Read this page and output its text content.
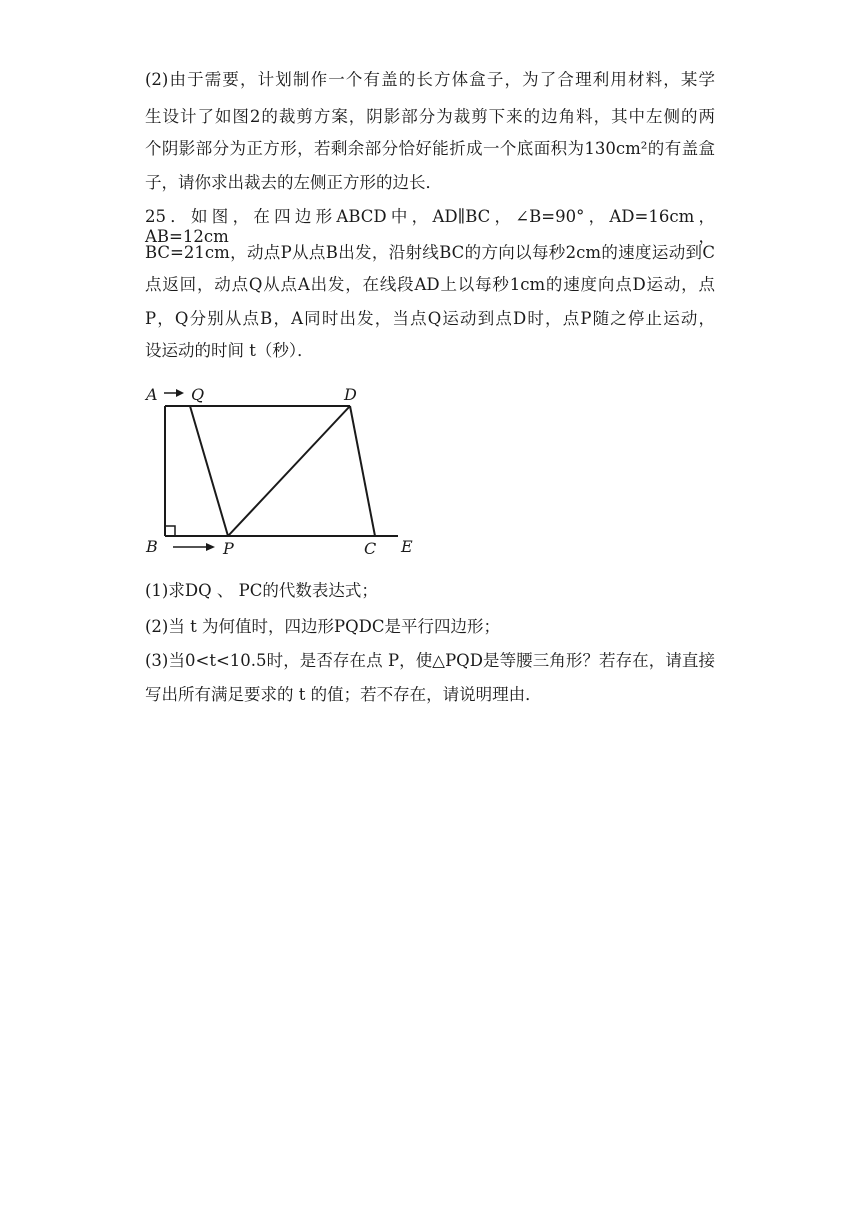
(2)由于需要，计划制作一个有盖的长方体盒子，为了合理利用材料，某学
生设计了如图2的裁剪方案，阴影部分为裁剪下来的边角料，其中左侧的两
个阴影部分为正方形，若剩余部分恰好能折成一个底面积为130cm²的有盖盒
子，请你求出裁去的左侧正方形的边长．
25．如图，在四边形ABCD中，AD∥BC，∠B=90°，AD=16cm，AB=12cm，
BC=21cm，动点P从点B出发，沿射线BC的方向以每秒2cm的速度运动到C
点返回，动点Q从点A出发，在线段AD上以每秒1cm的速度向点D运动，点
P，Q分别从点B，A同时出发，当点Q运动到点D时，点P随之停止运动，
设运动的时间 t（秒）．
A Q	D
B	P	C E
(1)求DQ 、 PC的代数表达式；
(2)当 t 为何值时，四边形PQDC是平行四边形；
(3)当0<t<10.5时，是否存在点 P，使△PQD是等腰三角形？若存在，请直接
写出所有满足要求的 t 的值；若不存在，请说明理由．
